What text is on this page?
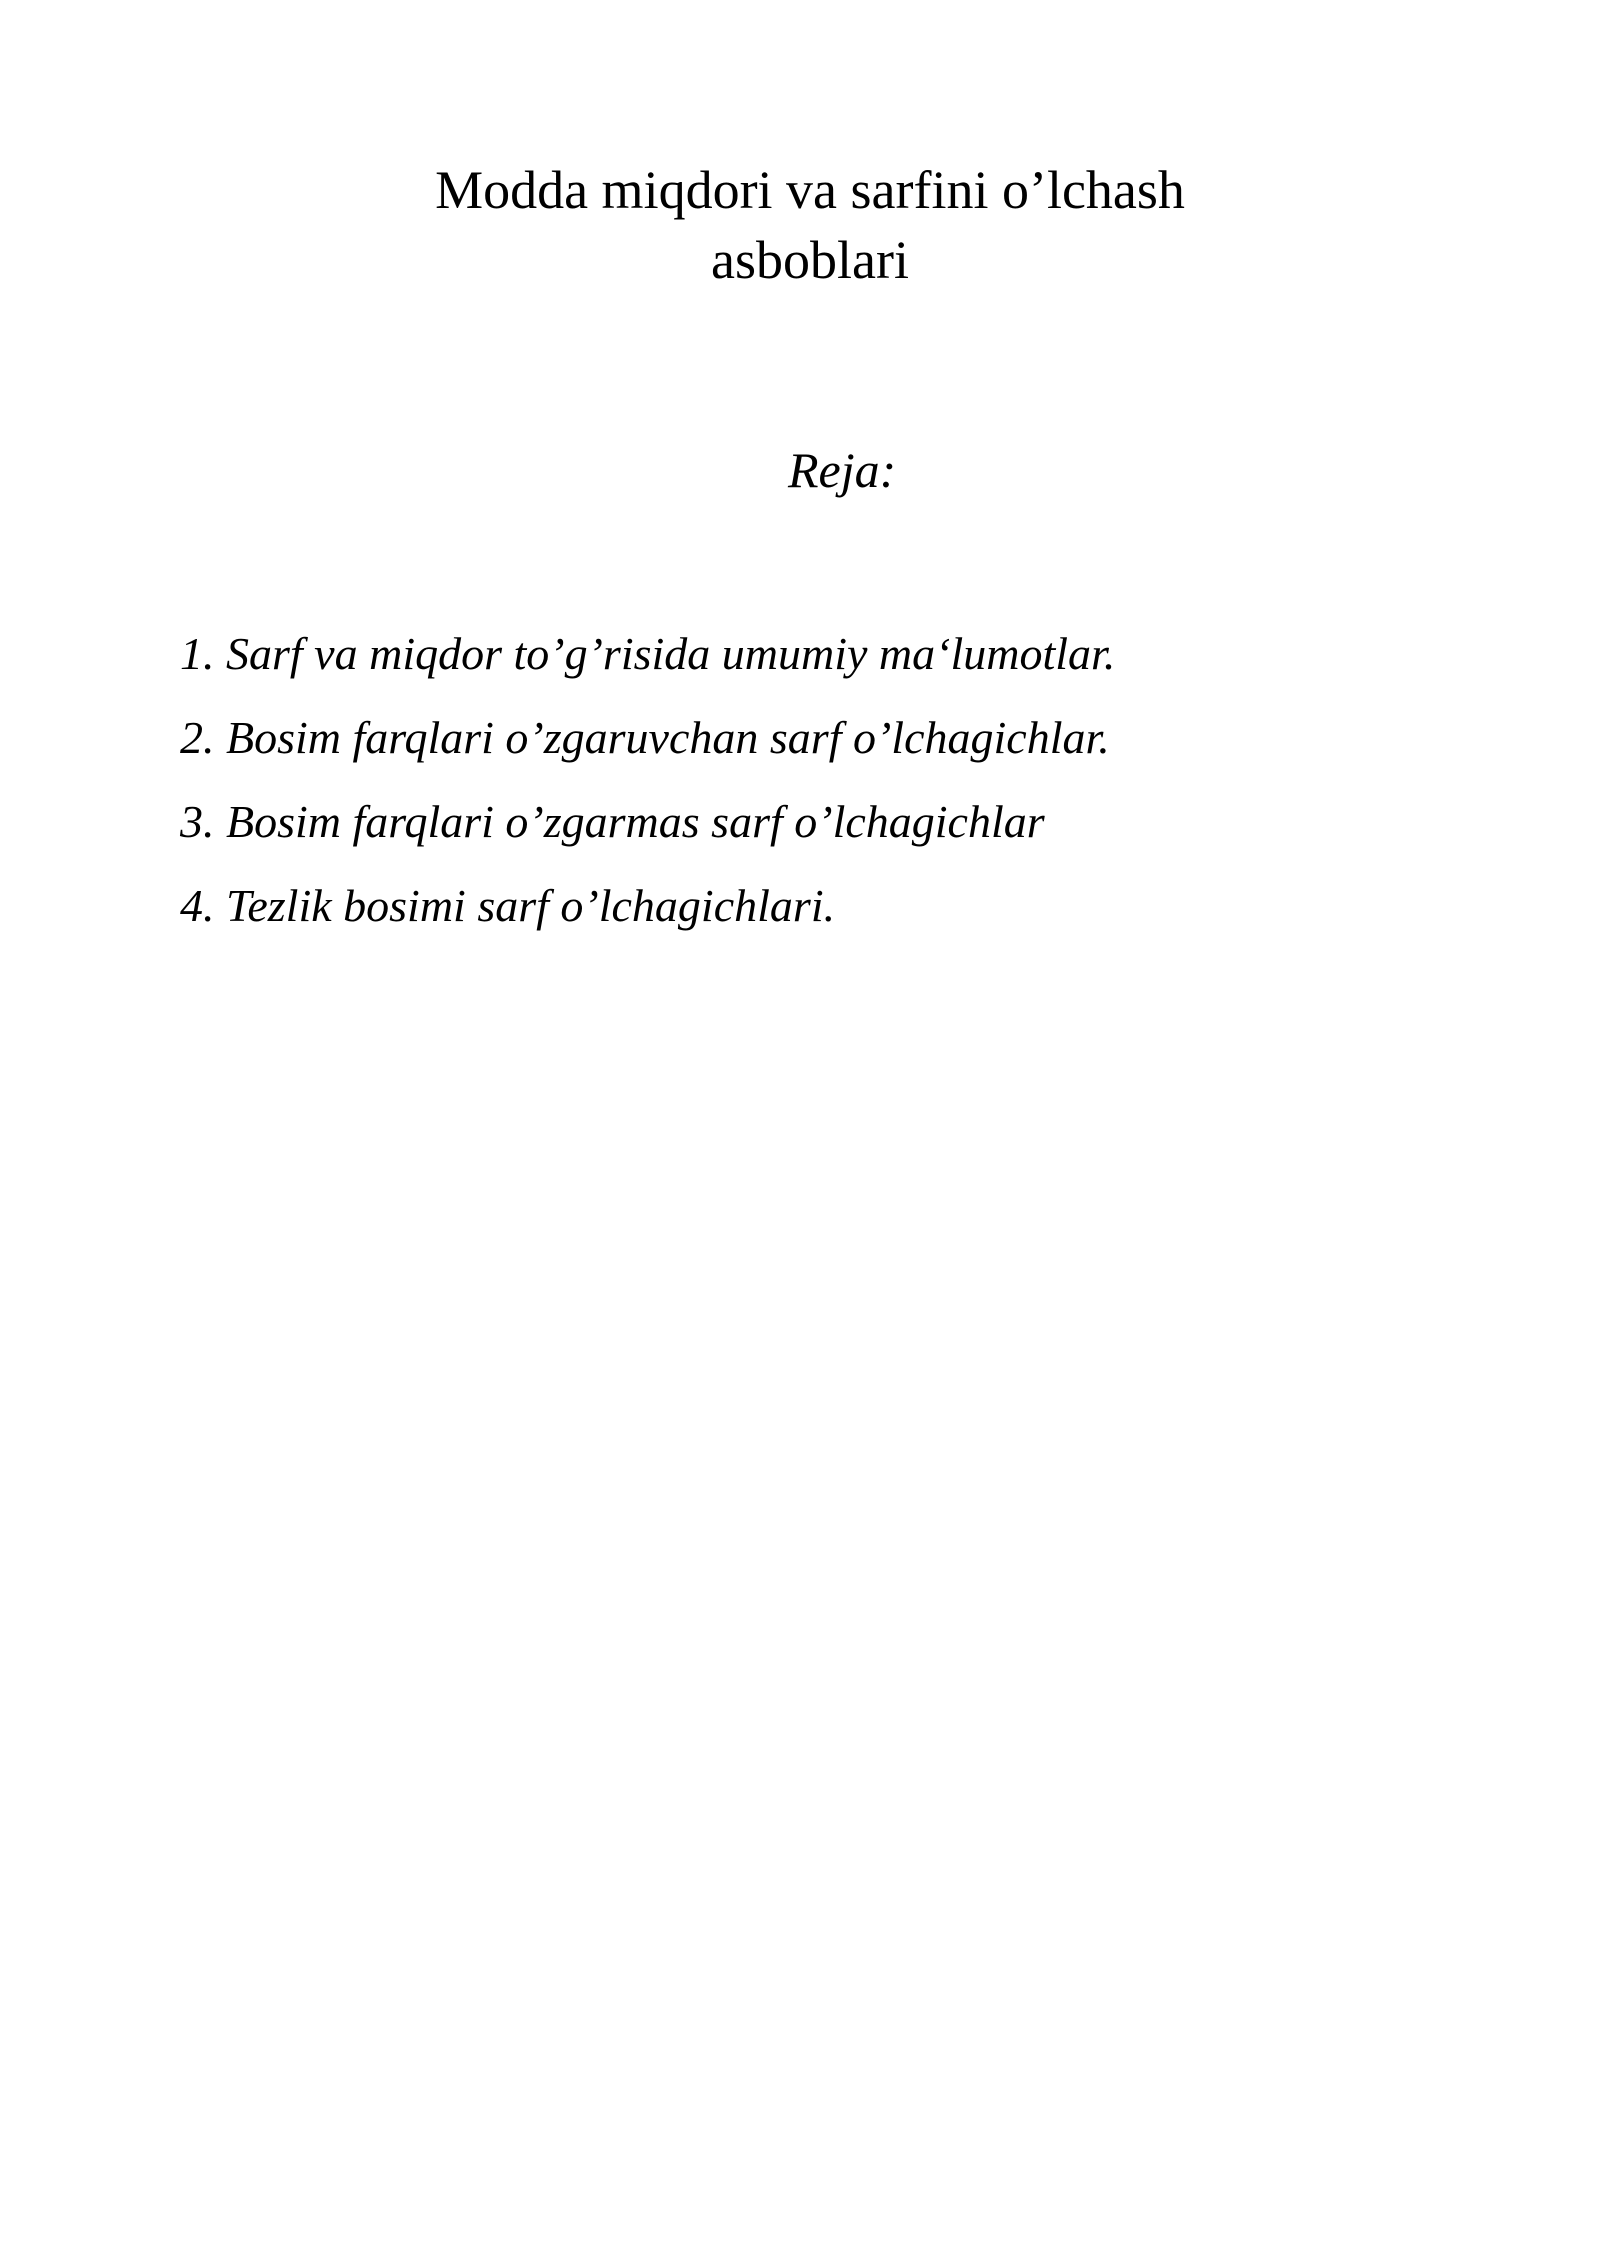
Modda miqdori va sarfini o’lchash
asboblari

Reja:

1. Sarf va miqdor to’g’risida umumiy ma‘lumotlar.
2. Bosim farqlari o’zgaruvchan sarf o’lchagichlar.
3. Bosim farqlari o’zgarmas sarf o’lchagichlar
4. Tezlik bosimi sarf o’lchagichlari.
